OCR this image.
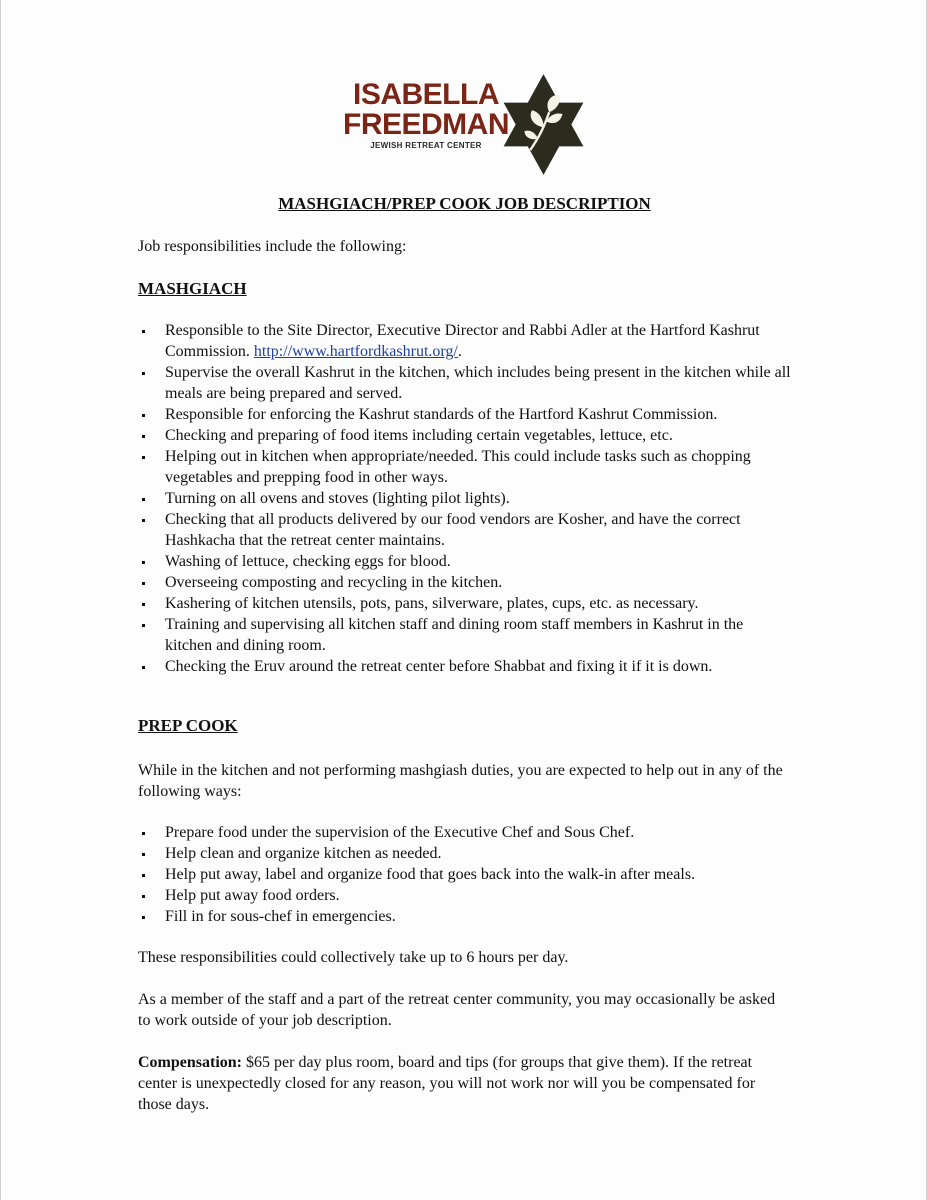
ISABELLA
FREEDMAN
JEWISH RETREAT CENTER
MASHGIACH/PREP COOK JOB DESCRIPTION
Job responsibilities include the following:
MASHGIACH
Responsible to the Site Director, Executive Director and Rabbi Adler at the Hartford Kashrut Commission. http://www.hartfordkashrut.org/.
Supervise the overall Kashrut in the kitchen, which includes being present in the kitchen while all meals are being prepared and served.
Responsible for enforcing the Kashrut standards of the Hartford Kashrut Commission.
Checking and preparing of food items including certain vegetables, lettuce, etc.
Helping out in kitchen when appropriate/needed. This could include tasks such as chopping vegetables and prepping food in other ways.
Turning on all ovens and stoves (lighting pilot lights).
Checking that all products delivered by our food vendors are Kosher, and have the correct Hashkacha that the retreat center maintains.
Washing of lettuce, checking eggs for blood.
Overseeing composting and recycling in the kitchen.
Kashering of kitchen utensils, pots, pans, silverware, plates, cups, etc. as necessary.
Training and supervising all kitchen staff and dining room staff members in Kashrut in the kitchen and dining room.
Checking the Eruv around the retreat center before Shabbat and fixing it if it is down.
PREP COOK
While in the kitchen and not performing mashgiash duties, you are expected to help out in any of the following ways:
Prepare food under the supervision of the Executive Chef and Sous Chef.
Help clean and organize kitchen as needed.
Help put away, label and organize food that goes back into the walk-in after meals.
Help put away food orders.
Fill in for sous-chef in emergencies.
These responsibilities could collectively take up to 6 hours per day.
As a member of the staff and a part of the retreat center community, you may occasionally be asked to work outside of your job description.
Compensation: $65 per day plus room, board and tips (for groups that give them). If the retreat center is unexpectedly closed for any reason, you will not work nor will you be compensated for those days.
